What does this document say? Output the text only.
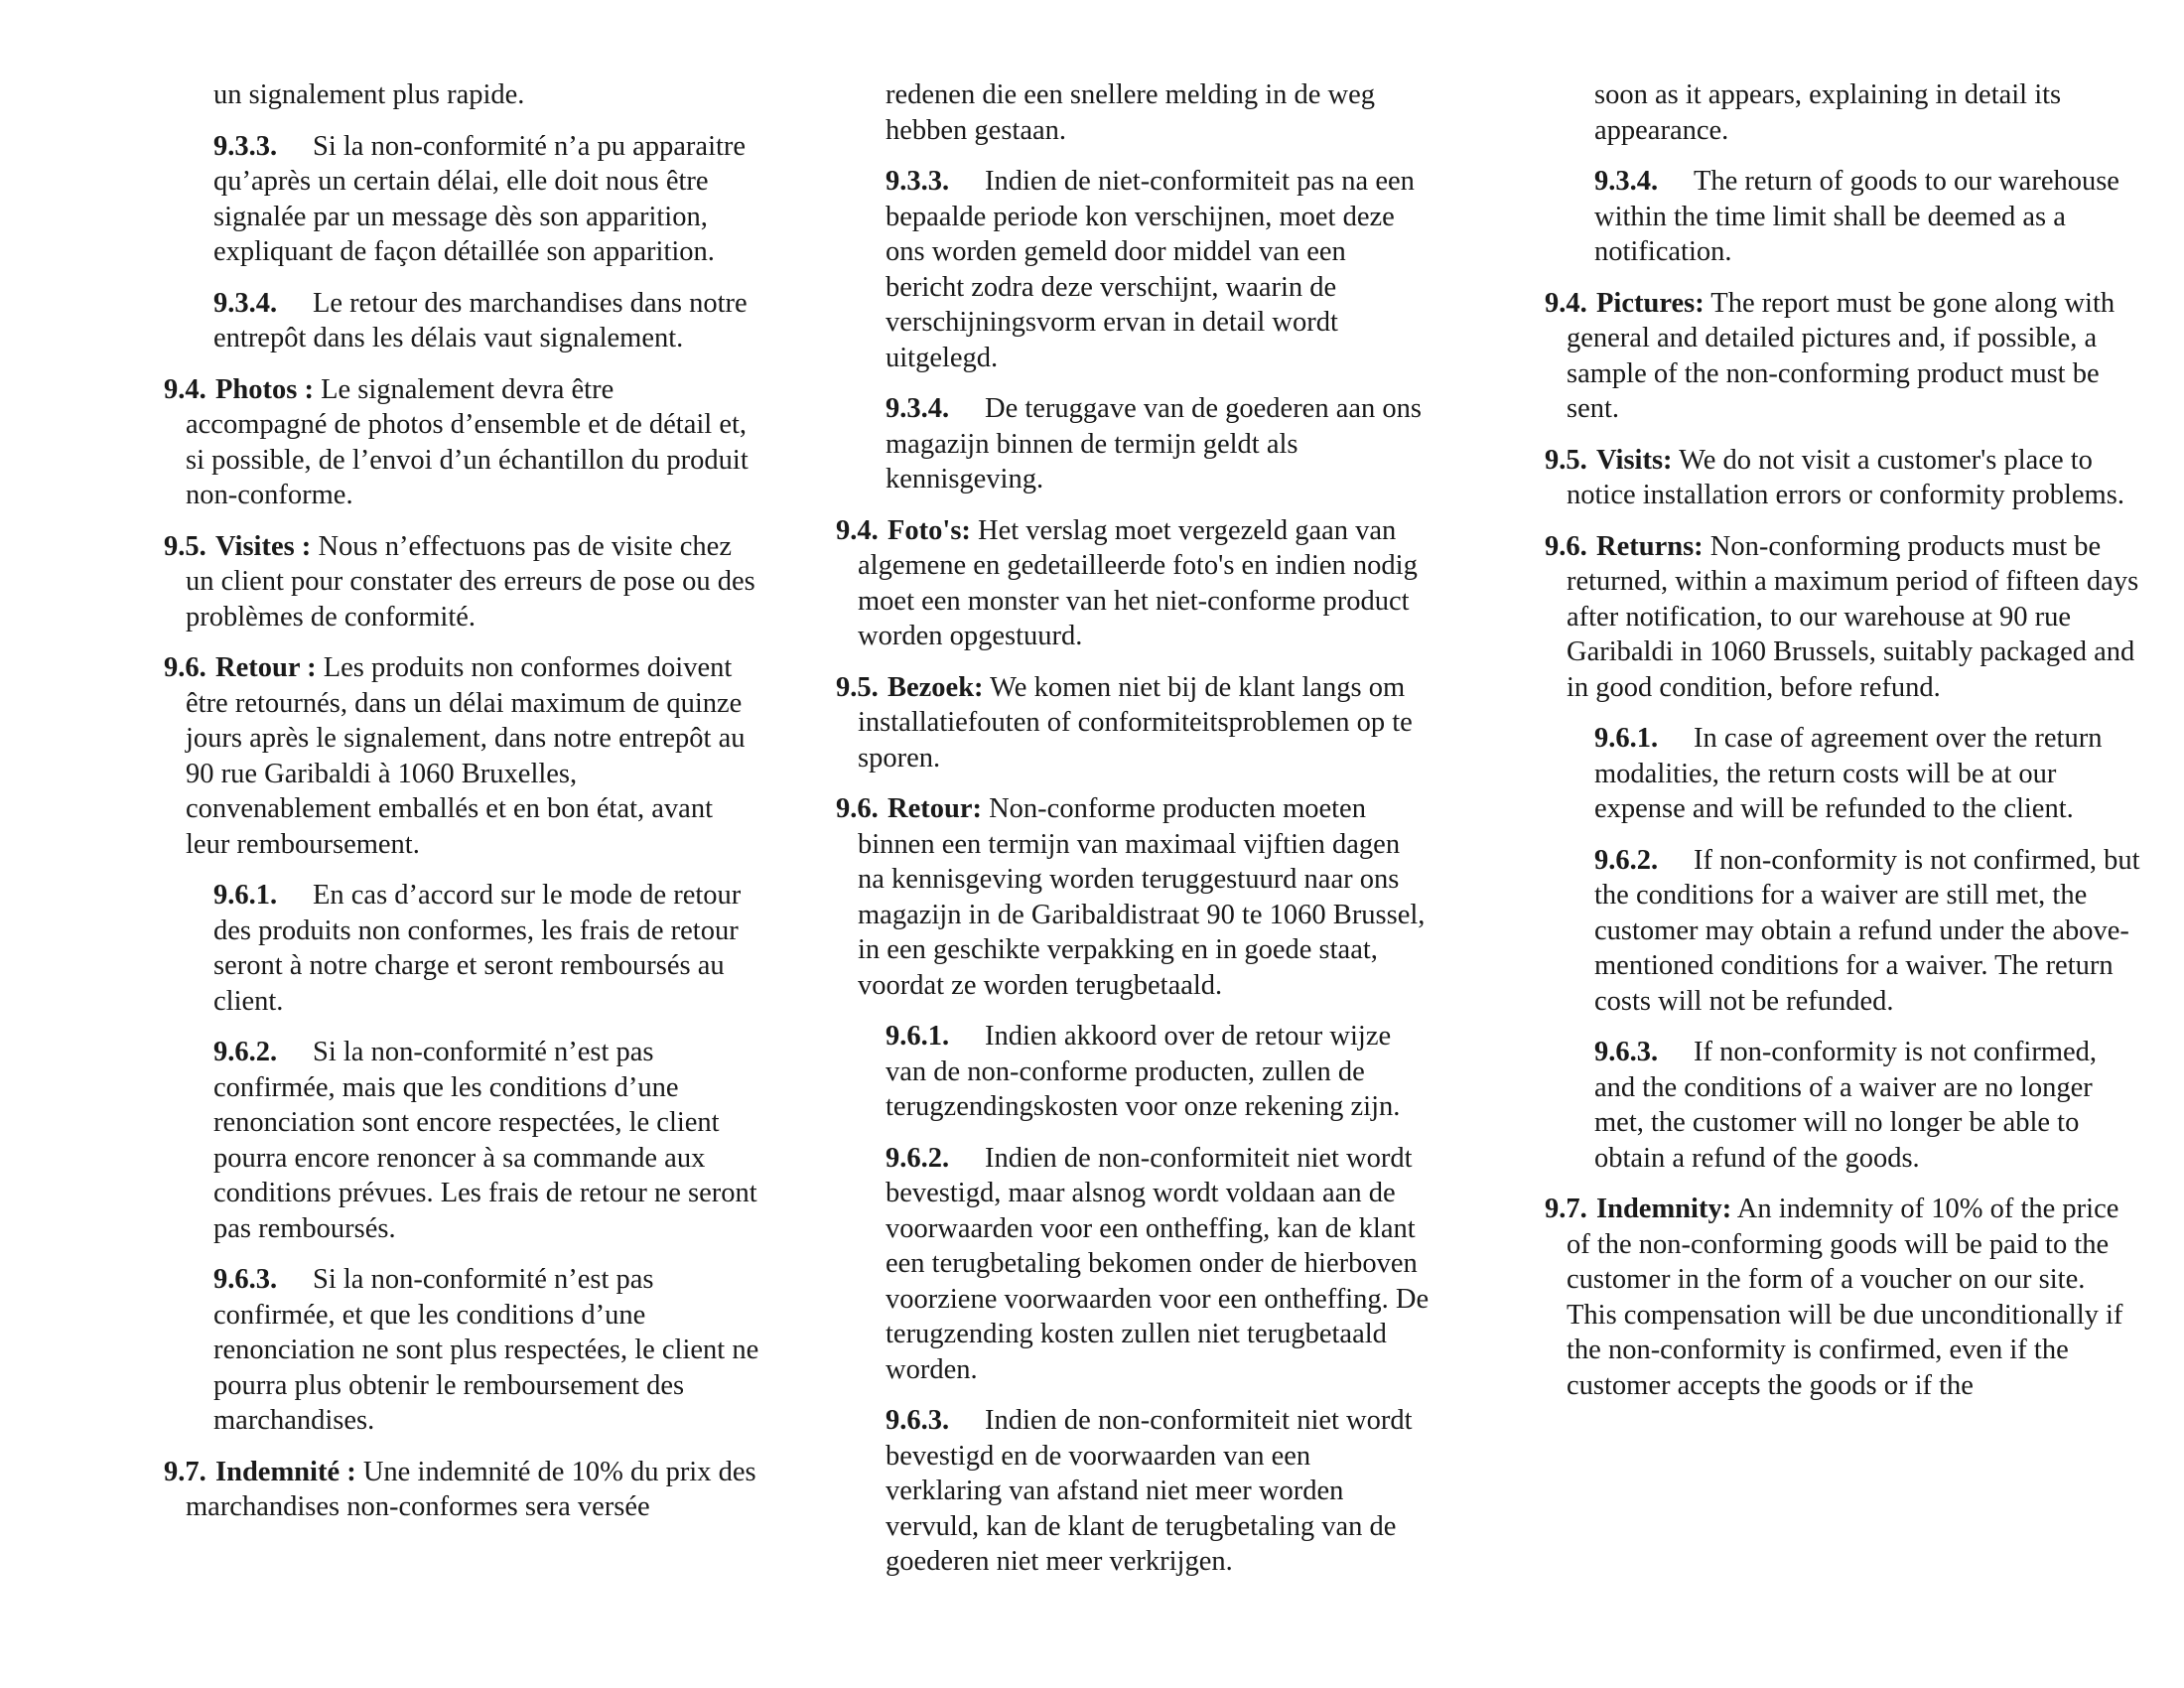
un signalement plus rapide.

9.3.3. Si la non-conformité n’a pu apparaitre qu’après un certain délai, elle doit nous être signalée par un message dès son apparition, expliquant de façon détaillée son apparition.

9.3.4. Le retour des marchandises dans notre entrepôt dans les délais vaut signalement.

9.4. Photos : Le signalement devra être accompagné de photos d’ensemble et de détail et, si possible, de l’envoi d’un échantillon du produit non-conforme.

9.5. Visites : Nous n’effectuons pas de visite chez un client pour constater des erreurs de pose ou des problèmes de conformité.

9.6. Retour : Les produits non conformes doivent être retournés, dans un délai maximum de quinze jours après le signalement, dans notre entrepôt au 90 rue Garibaldi à 1060 Bruxelles, convenablement emballés et en bon état, avant leur remboursement.

9.6.1. En cas d’accord sur le mode de retour des produits non conformes, les frais de retour seront à notre charge et seront remboursés au client.

9.6.2. Si la non-conformité n’est pas confirmée, mais que les conditions d’une renonciation sont encore respectées, le client pourra encore renoncer à sa commande aux conditions prévues. Les frais de retour ne seront pas remboursés.

9.6.3. Si la non-conformité n’est pas confirmée, et que les conditions d’une renonciation ne sont plus respectées, le client ne pourra plus obtenir le remboursement des marchandises.

9.7. Indemnité : Une indemnité de 10% du prix des marchandises non-conformes sera versée

redenen die een snellere melding in de weg hebben gestaan.

9.3.3. Indien de niet-conformiteit pas na een bepaalde periode kon verschijnen, moet deze ons worden gemeld door middel van een bericht zodra deze verschijnt, waarin de verschijningsvorm ervan in detail wordt uitgelegd.

9.3.4. De teruggave van de goederen aan ons magazijn binnen de termijn geldt als kennisgeving.

9.4. Foto's: Het verslag moet vergezeld gaan van algemene en gedetailleerde foto's en indien nodig moet een monster van het niet-conforme product worden opgestuurd.

9.5. Bezoek: We komen niet bij de klant langs om installatiefouten of conformiteitsproblemen op te sporen.

9.6. Retour: Non-conforme producten moeten binnen een termijn van maximaal vijftien dagen na kennisgeving worden teruggestuurd naar ons magazijn in de Garibaldistraat 90 te 1060 Brussel, in een geschikte verpakking en in goede staat, voordat ze worden terugbetaald.

9.6.1. Indien akkoord over de retour wijze van de non-conforme producten, zullen de terugzendingskosten voor onze rekening zijn.

9.6.2. Indien de non-conformiteit niet wordt bevestigd, maar alsnog wordt voldaan aan de voorwaarden voor een ontheffing, kan de klant een terugbetaling bekomen onder de hierboven voorziene voorwaarden voor een ontheffing. De terugzending kosten zullen niet terugbetaald worden.

9.6.3. Indien de non-conformiteit niet wordt bevestigd en de voorwaarden van een verklaring van afstand niet meer worden vervuld, kan de klant de terugbetaling van de goederen niet meer verkrijgen.

soon as it appears, explaining in detail its appearance.

9.3.4. The return of goods to our warehouse within the time limit shall be deemed as a notification.

9.4. Pictures: The report must be gone along with general and detailed pictures and, if possible, a sample of the non-conforming product must be sent.

9.5. Visits: We do not visit a customer's place to notice installation errors or conformity problems.

9.6. Returns: Non-conforming products must be returned, within a maximum period of fifteen days after notification, to our warehouse at 90 rue Garibaldi in 1060 Brussels, suitably packaged and in good condition, before refund.

9.6.1. In case of agreement over the return modalities, the return costs will be at our expense and will be refunded to the client.

9.6.2. If non-conformity is not confirmed, but the conditions for a waiver are still met, the customer may obtain a refund under the above-mentioned conditions for a waiver. The return costs will not be refunded.

9.6.3. If non-conformity is not confirmed, and the conditions of a waiver are no longer met, the customer will no longer be able to obtain a refund of the goods.

9.7. Indemnity: An indemnity of 10% of the price of the non-conforming goods will be paid to the customer in the form of a voucher on our site. This compensation will be due unconditionally if the non-conformity is confirmed, even if the customer accepts the goods or if the
